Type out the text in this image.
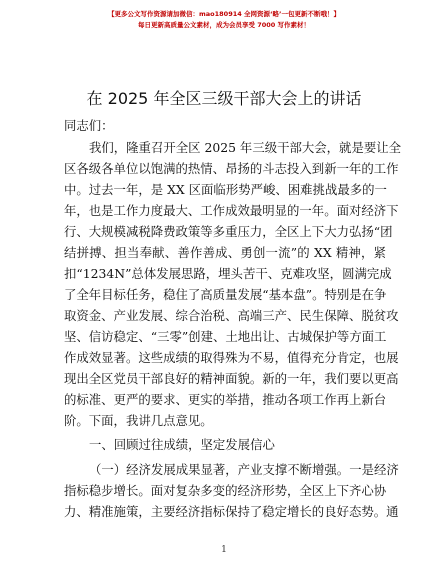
【更多公文写作资源请加微信：mao180914 全网资源‘略’一包更新不断哦！】
每日更新高质量公文素材，成为会员享受 7000 写作素材！
在 2025 年全区三级干部大会上的讲话
同志们：
我们，隆重召开全区 2025 年三级干部大会，就是要让全
区各级各单位以饱满的热情、昂扬的斗志投入到新一年的工作
中。过去一年，是 XX 区面临形势严峻、困难挑战最多的一
年，也是工作力度最大、工作成效最明显的一年。面对经济下
行、大规模减税降费政策等多重压力，全区上下大力弘扬“团
结拼搏、担当奉献、善作善成、勇创一流”的 XX 精神，紧
扣“1234N”总体发展思路，埋头苦干、克难攻坚，圆满完成
了全年目标任务，稳住了高质量发展“基本盘”。特别是在争
取资金、产业发展、综合治税、高端三产、民生保障、脱贫攻
坚、信访稳定、“三零”创建、土地出让、古城保护等方面工
作成效显著。这些成绩的取得殊为不易，值得充分肯定，也展
现出全区党员干部良好的精神面貌。新的一年，我们要以更高
的标准、更严的要求、更实的举措，推动各项工作再上新台
阶。下面，我讲几点意见。
一、回顾过往成绩，坚定发展信心
（一）经济发展成果显著，产业支撑不断增强。一是经济
指标稳步增长。面对复杂多变的经济形势，全区上下齐心协
力、精准施策，主要经济指标保持了稳定增长的良好态势。通
1
